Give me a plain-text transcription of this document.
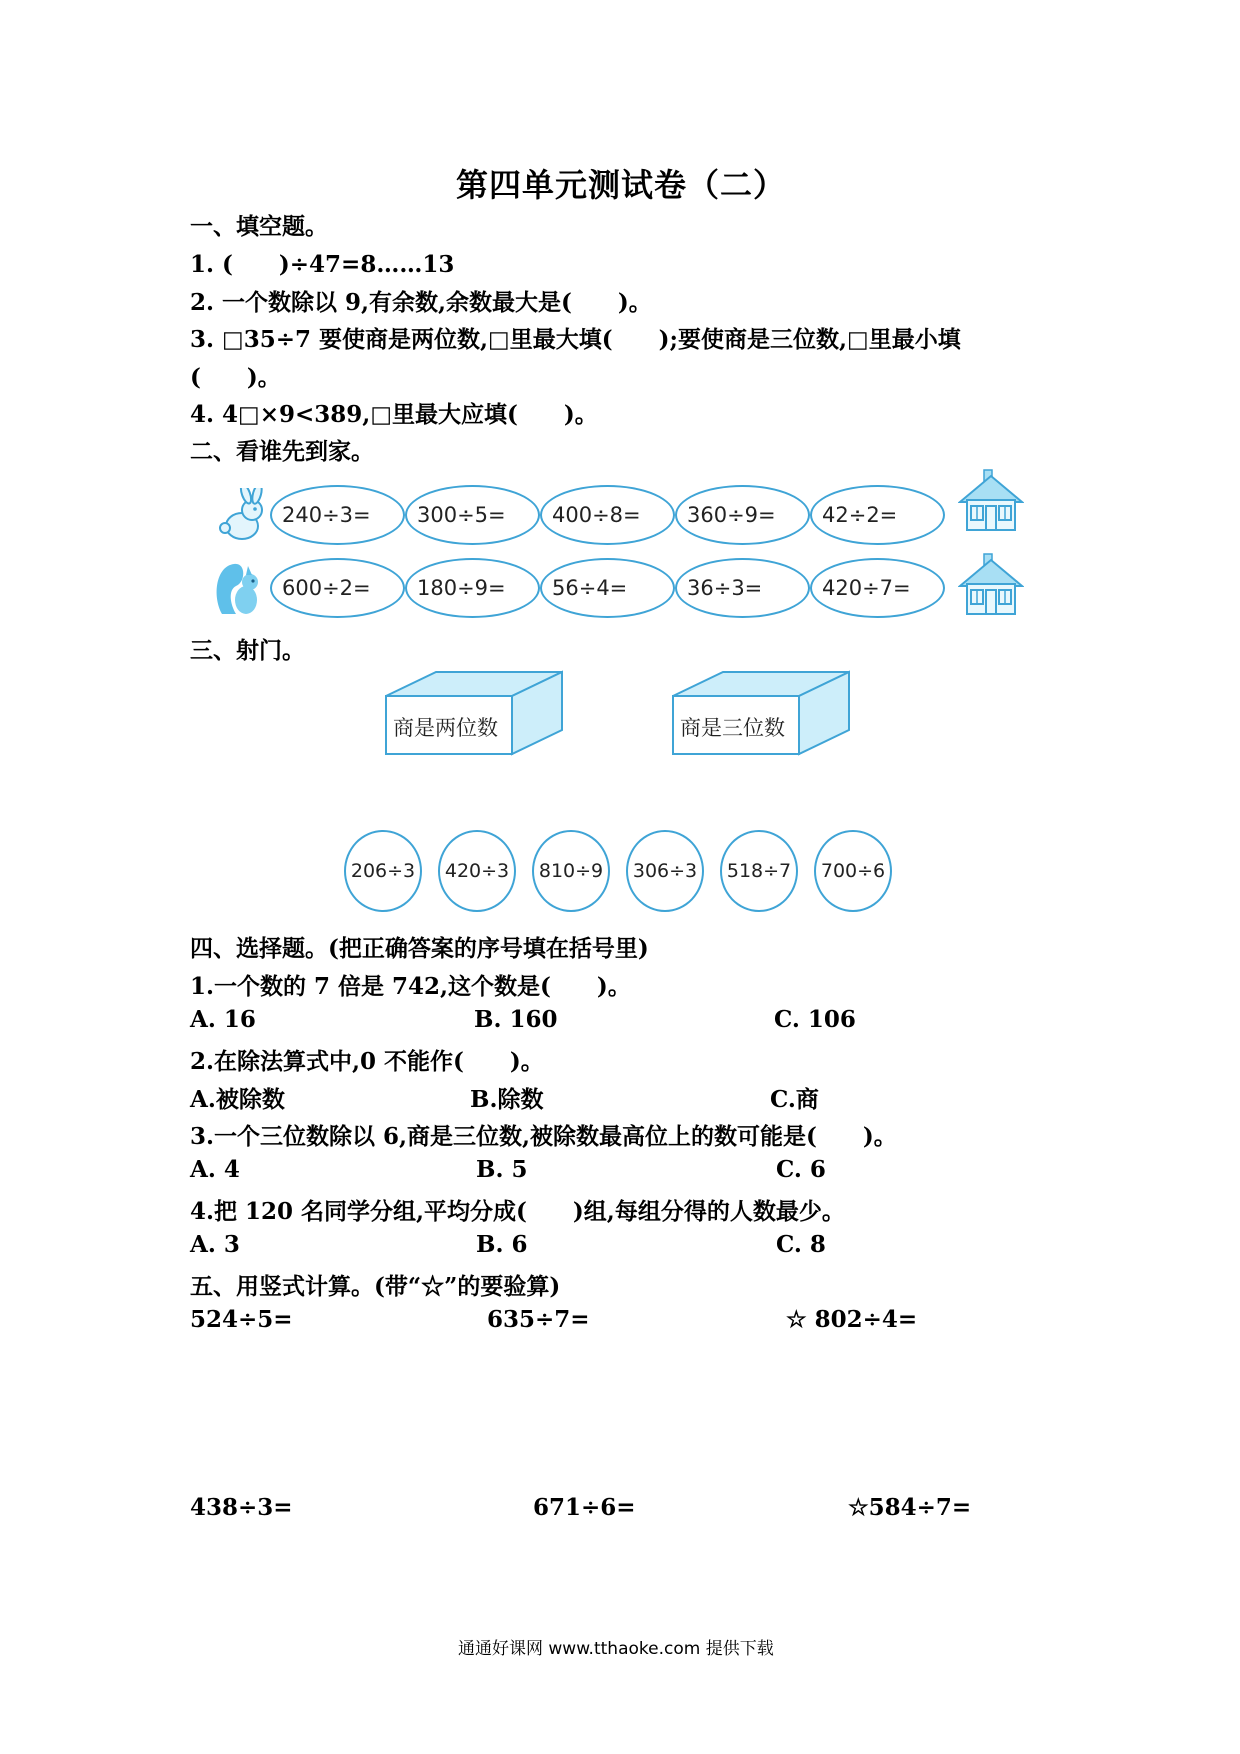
第四单元测试卷（二）
一、填空题。
1. (　　)÷47=8……13
2. 一个数除以 9,有余数,余数最大是(　　)。
3. □35÷7 要使商是两位数,□里最大填(　　);要使商是三位数,□里最小填
(　　)。
4. 4□×9<389,□里最大应填(　　)。
二、看谁先到家。
240÷3=	300÷5=	400÷8=	360÷9=	42÷2=
600÷2=	180÷9=	56÷4=	36÷3=	420÷7=
三、射门。
商是两位数	商是三位数
206÷3	420÷3	810÷9	306÷3	518÷7	700÷6
四、选择题。(把正确答案的序号填在括号里)
1.一个数的 7 倍是 742,这个数是(　　)。
A. 16	B. 160	C. 106
2.在除法算式中,0 不能作(　　)。
A.被除数	B.除数	C.商
3.一个三位数除以 6,商是三位数,被除数最高位上的数可能是(　　)。
A. 4	B. 5	C. 6
4.把 120 名同学分组,平均分成(　　)组,每组分得的人数最少。
A. 3	B. 6	C. 8
五、用竖式计算。(带“☆”的要验算)
524÷5=	635÷7=	☆ 802÷4=
438÷3=	671÷6=	☆584÷7=
通通好课网 www.tthaoke.com 提供下载
